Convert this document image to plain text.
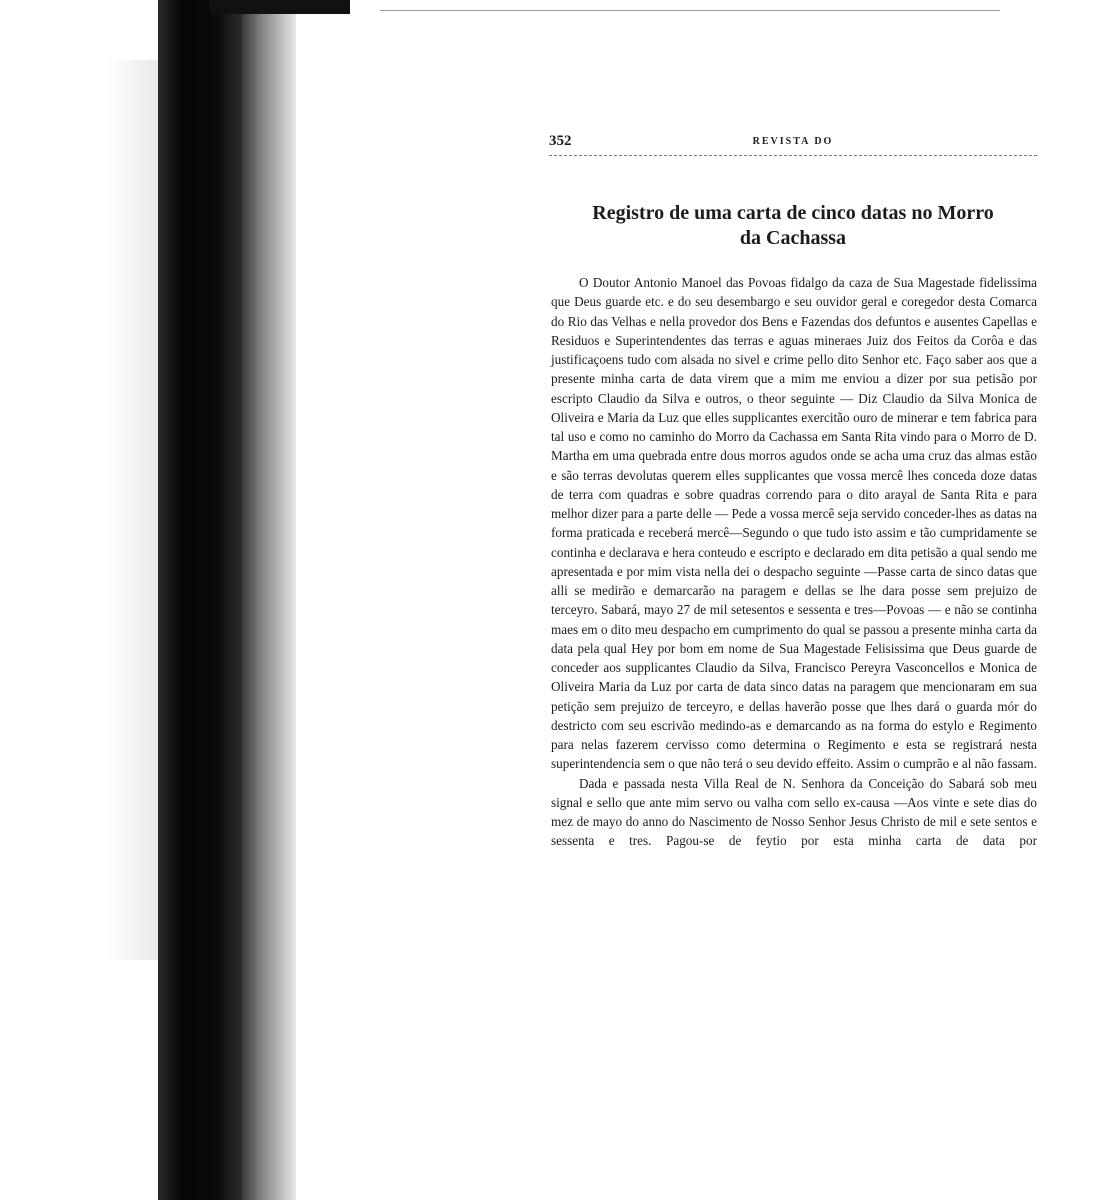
352	REVISTA DO
Registro de uma carta de cinco datas no Morro
da Cachassa

O Doutor Antonio Manoel das Povoas fidalgo da caza de Sua Magestade fidelissima que Deus guarde etc. e do seu desembargo e seu ouvidor geral e coregedor desta Comarca do Rio das Velhas e nella provedor dos Bens e Fazendas dos defuntos e ausentes Capellas e Residuos e Superintendentes das terras e aguas mineraes Juiz dos Feitos da Corôa e das justificaçoens tudo com alsada no sivel e crime pello dito Senhor etc. Faço saber aos que a presente minha carta de data virem que a mim me enviou a dizer por sua petisão por escripto Claudio da Silva e outros, o theor seguinte — Diz Claudio da Silva Monica de Oliveira e Maria da Luz que elles supplicantes exercitão ouro de minerar e tem fabrica para tal uso e como no caminho do Morro da Cachassa em Santa Rita vindo para o Morro de D. Martha em uma quebrada entre dous morros agudos onde se acha uma cruz das almas estão e são terras devolutas querem elles supplicantes que vossa mercê lhes conceda doze datas de terra com quadras e sobre quadras correndo para o dito arayal de Santa Rita e para melhor dizer para a parte delle — Pede a vossa mercê seja servido conceder-lhes as datas na forma praticada e receberá mercê—Segundo o que tudo isto assim e tão cumpridamente se continha e declarava e hera conteudo e escripto e declarado em dita petisão a qual sendo me apresentada e por mim vista nella dei o despacho seguinte —Passe carta de sinco datas que alli se medirão e demarcarão na paragem e dellas se lhe dara posse sem prejuizo de terceyro. Sabará, mayo 27 de mil setesentos e sessenta e tres—Povoas — e não se continha maes em o dito meu despacho em cumprimento do qual se passou a presente minha carta da data pela qual Hey por bom em nome de Sua Magestade Felisissima que Deus guarde de conceder aos supplicantes Claudio da Silva, Francisco Pereyra Vasconcellos e Monica de Oliveira Maria da Luz por carta de data sinco datas na paragem que mencionaram em sua petição sem prejuizo de terceyro, e dellas haverão posse que lhes dará o guarda mór do destricto com seu escrivão medindo-as e demarcando as na forma do estylo e Regimento para nelas fazerem cervisso como determina o Regimento e esta se registrará nesta superintendencia sem o que não terá o seu devido effeito. Assim o cumprão e al não fassam.

Dada e passada nesta Villa Real de N. Senhora da Conceição do Sabará sob meu signal e sello que ante mim servo ou valha com sello ex-causa —Aos vinte e sete dias do mez de mayo do anno do Nascimento de Nosso Senhor Jesus Christo de mil e sete sentos e sessenta e tres. Pagou-se de feytio por esta minha carta de data por
